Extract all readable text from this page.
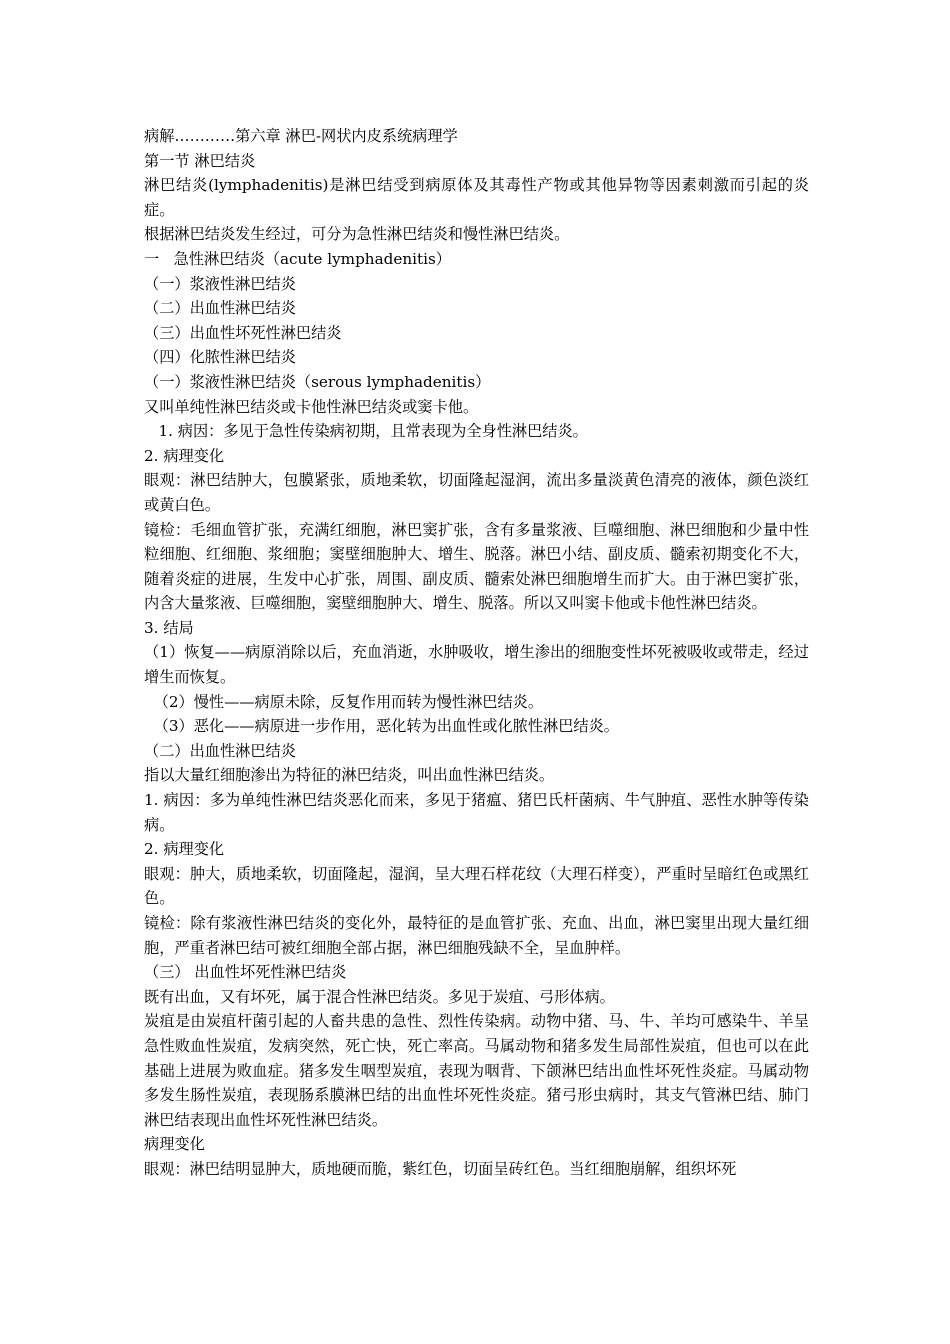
病解…………第六章 淋巴-网状内皮系统病理学

第一节 淋巴结炎

淋巴结炎(lymphadenitis)是淋巴结受到病原体及其毒性产物或其他异物等因素刺激而引起的炎症。

根据淋巴结炎发生经过，可分为急性淋巴结炎和慢性淋巴结炎。

一   急性淋巴结炎（acute lymphadenitis）

（一）浆液性淋巴结炎

（二）出血性淋巴结炎

（三）出血性坏死性淋巴结炎

（四）化脓性淋巴结炎

（一）浆液性淋巴结炎（serous lymphadenitis）

又叫单纯性淋巴结炎或卡他性淋巴结炎或窦卡他。

1. 病因：多见于急性传染病初期，且常表现为全身性淋巴结炎。

2. 病理变化

眼观：淋巴结肿大，包膜紧张，质地柔软，切面隆起湿润，流出多量淡黄色清亮的液体，颜色淡红或黄白色。

镜检：毛细血管扩张，充满红细胞，淋巴窦扩张，含有多量浆液、巨噬细胞、淋巴细胞和少量中性粒细胞、红细胞、浆细胞；窦壁细胞肿大、增生、脱落。淋巴小结、副皮质、髓索初期变化不大，随着炎症的进展，生发中心扩张，周围、副皮质、髓索处淋巴细胞增生而扩大。由于淋巴窦扩张，内含大量浆液、巨噬细胞，窦壁细胞肿大、增生、脱落。所以又叫窦卡他或卡他性淋巴结炎。

3. 结局

（1）恢复——病原消除以后，充血消逝，水肿吸收，增生渗出的细胞变性坏死被吸收或带走，经过增生而恢复。

（2）慢性——病原未除，反复作用而转为慢性淋巴结炎。

（3）恶化——病原进一步作用，恶化转为出血性或化脓性淋巴结炎。

（二）出血性淋巴结炎

指以大量红细胞渗出为特征的淋巴结炎，叫出血性淋巴结炎。

1. 病因：多为单纯性淋巴结炎恶化而来，多见于猪瘟、猪巴氏杆菌病、牛气肿疽、恶性水肿等传染病。

2. 病理变化

眼观：肿大，质地柔软，切面隆起，湿润，呈大理石样花纹（大理石样变），严重时呈暗红色或黑红色。

镜检：除有浆液性淋巴结炎的变化外，最特征的是血管扩张、充血、出血，淋巴窦里出现大量红细胞，严重者淋巴结可被红细胞全部占据，淋巴细胞残缺不全，呈血肿样。

（三） 出血性坏死性淋巴结炎

既有出血，又有坏死，属于混合性淋巴结炎。多见于炭疽、弓形体病。

炭疽是由炭疽杆菌引起的人畜共患的急性、烈性传染病。动物中猪、马、牛、羊均可感染牛、羊呈急性败血性炭疽，发病突然，死亡快，死亡率高。马属动物和猪多发生局部性炭疽，但也可以在此基础上进展为败血症。猪多发生咽型炭疽，表现为咽背、下颌淋巴结出血性坏死性炎症。马属动物多发生肠性炭疽，表现肠系膜淋巴结的出血性坏死性炎症。猪弓形虫病时，其支气管淋巴结、肺门淋巴结表现出血性坏死性淋巴结炎。

病理变化

眼观：淋巴结明显肿大，质地硬而脆，紫红色，切面呈砖红色。当红细胞崩解，组织坏死
